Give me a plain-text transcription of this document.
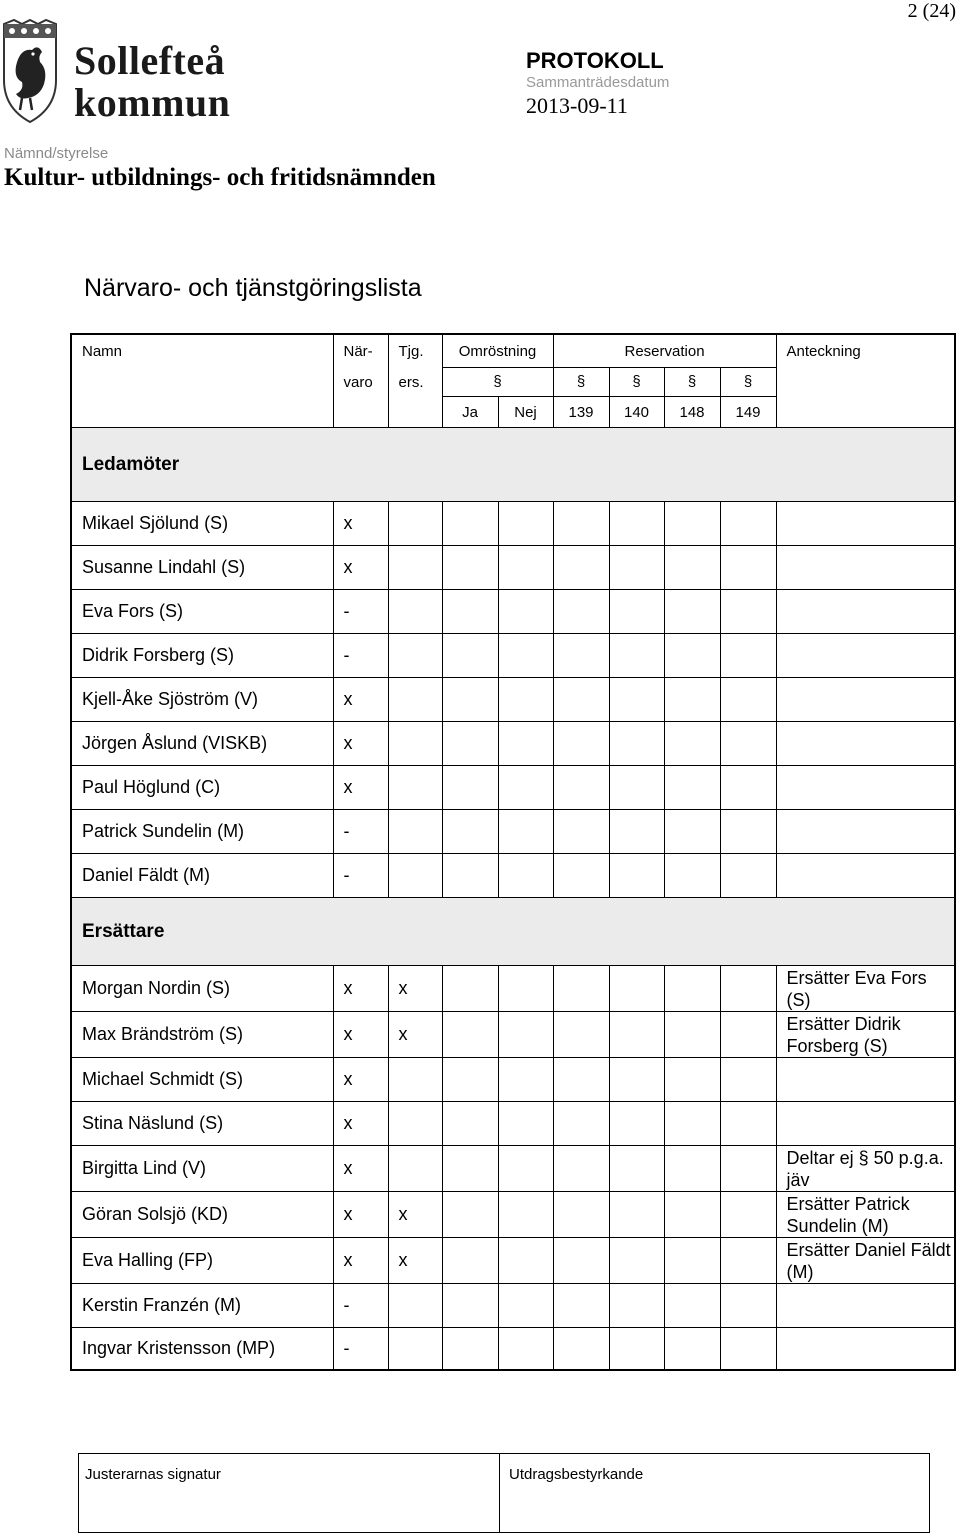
2 (24)
Sollefteå
kommun
PROTOKOLL
Sammanträdesdatum
2013-09-11
Nämnd/styrelse
Kultur- utbildnings- och fritidsnämnden
Närvaro- och tjänstgöringslista
Namn	När-	Tjg.	Omröstning		Reservation				Anteckning
	varo	ers.	§		§	§	§	§	
			Ja	Nej	139	140	148	149	
Ledamöter									
Mikael Sjölund (S)	x								
Susanne Lindahl (S)	x								
Eva Fors (S)	-								
Didrik Forsberg (S)	-								
Kjell-Åke Sjöström (V)	x								
Jörgen Åslund (VISKB)	x								
Paul Höglund (C)	x								
Patrick Sundelin (M)	-								
Daniel Fäldt (M)	-								
Ersättare									
Morgan Nordin (S)	x	x							Ersätter Eva Fors (S)
Max Brändström (S)	x	x							Ersätter Didrik Forsberg (S)
Michael Schmidt (S)	x								
Stina Näslund (S)	x								
Birgitta Lind (V)	x								Deltar ej § 50 p.g.a. jäv
Göran Solsjö (KD)	x	x							Ersätter Patrick Sundelin (M)
Eva Halling (FP)	x	x							Ersätter Daniel Fäldt (M)
Kerstin Franzén (M)	-								
Ingvar Kristensson (MP)	-								
Justerarnas signatur	Utdragsbestyrkande
